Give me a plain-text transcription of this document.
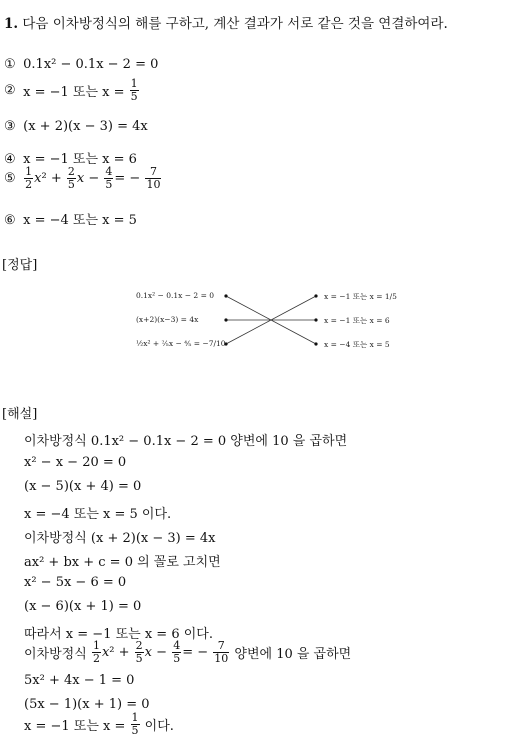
1. 다음 이차방정식의 해를 구하고, 계산 결과가 서로 같은 것을 연결하여라.
① 0.1x² − 0.1x − 2 = 0
② x = −1 또는 $x = \frac{1}{5}$
③ (x + 2)(x − 3) = 4x
④ x = −1 또는 x = 6
⑤ $\frac{1}{2} x^2 + \frac{2}{5}$ $x - \frac{4}{5}$ = − $\frac{7}{10}$
⑥ x = −4 또는 x = 5
[정답]
0.1x² − 0.1x − 2 = 0
(x+2)(x−3) = 4x
½x² + ⅖x − ⅘ = −7/10
x = −1 또는 x = 1/5
x = −1 또는 x = 6
x = −4 또는 x = 5
[해설]
이차방정식 0.1x² − 0.1x − 2 = 0 양변에 10 을 곱하면
x² − x − 20 = 0
(x − 5)(x + 4) = 0
x = −4 또는 x = 5 이다.
이차방정식 (x + 2)(x − 3) = 4x
ax² + bx + c = 0 의 꼴로 고치면
x² − 5x − 6 = 0
(x − 6)(x + 1) = 0
따라서 x = −1 또는 x = 6 이다.
이차방정식 $\frac{1}{2} x^2 + \frac{2}{5}$ $x - \frac{4}{5}$ = − $\frac{7}{10}$ 양변에 10 을 곱하면
5x² + 4x − 1 = 0
(5x − 1)(x + 1) = 0
x = −1 또는 $x = \frac{1}{5}$ 이다.
